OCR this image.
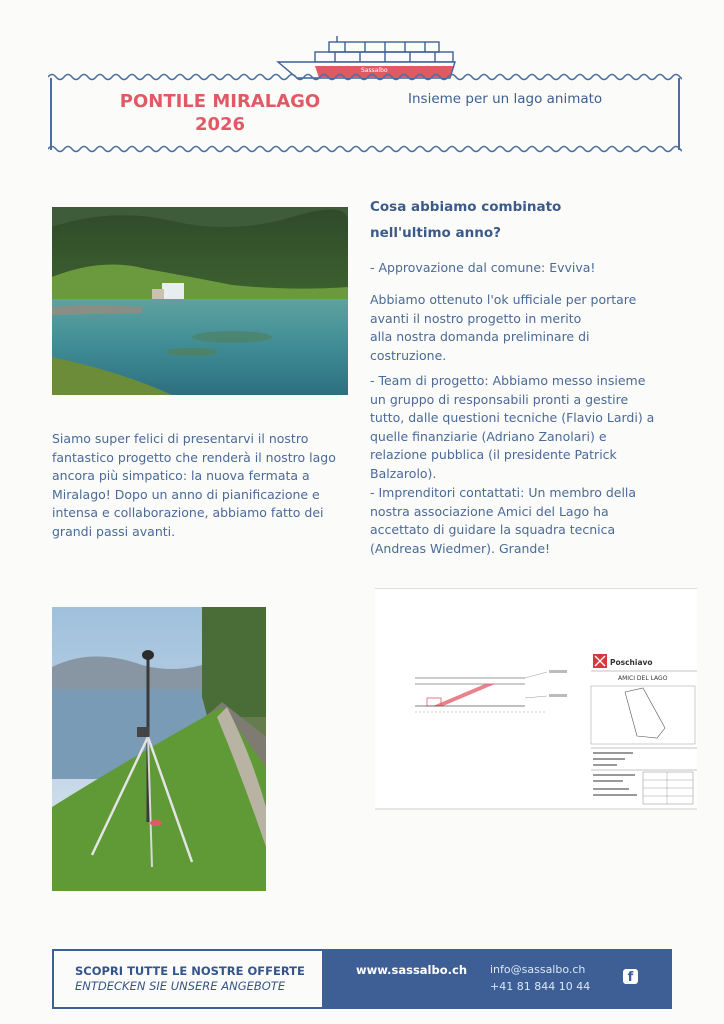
Sassalbo
PONTILE MIRALAGO
2026
Insieme per un lago animato
Siamo super felici di presentarvi il nostro fantastico progetto che renderà il nostro lago ancora più simpatico: la nuova fermata a Miralago! Dopo un anno di pianificazione e intensa e collaborazione, abbiamo fatto dei grandi passi avanti.
Cosa abbiamo combinato
nell'ultimo anno?
- Approvazione dal comune: Evviva!
Abbiamo ottenuto l'ok ufficiale per portare avanti il nostro progetto in merito
alla nostra domanda preliminare di costruzione.
- Team di progetto: Abbiamo messo insieme un gruppo di responsabili pronti a gestire tutto, dalle questioni tecniche (Flavio Lardi) a quelle finanziarie (Adriano Zanolari) e relazione pubblica (il presidente Patrick Balzarolo).
- Imprenditori contattati: Un membro della nostra associazione Amici del Lago ha accettato di guidare la squadra tecnica (Andreas Wiedmer). Grande!
Poschiavo
AMICI DEL LAGO
SCOPRI TUTTE LE NOSTRE OFFERTE
ENTDECKEN SIE UNSERE ANGEBOTE
www.sassalbo.ch info@sassalbo.ch
+41 81 844 10 44
f
